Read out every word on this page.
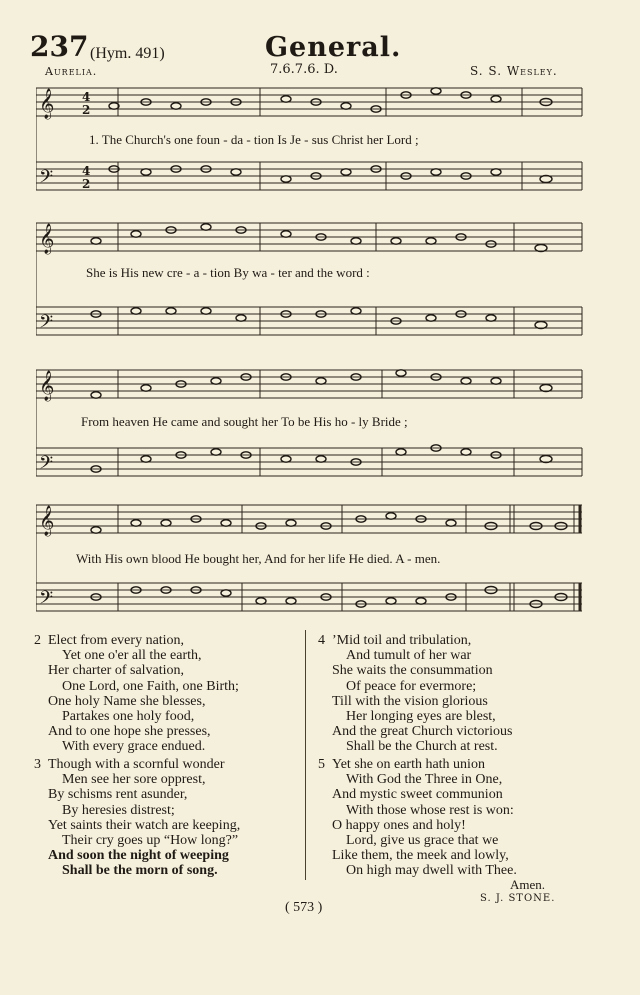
237 (Hym. 491)	General.
Aurelia.	7.6.7.6. D.	S. S. Wesley.
𝄞
𝄢
4
2
4
2
1. The Church's one foun - da - tion Is Je - sus Christ her Lord ;
𝄞
𝄢
She is His new cre - a - tion By wa - ter and the word :
𝄞
𝄢
From heaven He came and sought her To be His ho - ly Bride ;
𝄞
𝄢
With His own blood He bought her, And for her life He died. A - men.
2 Elect from every nation,
Yet one o'er all the earth,
Her charter of salvation,
One Lord, one Faith, one Birth;
One holy Name she blesses,
Partakes one holy food,
And to one hope she presses,
With every grace endued.
3 Though with a scornful wonder
Men see her sore opprest,
By schisms rent asunder,
By heresies distrest;
Yet saints their watch are keeping,
Their cry goes up “How long?”
And soon the night of weeping
Shall be the morn of song.
4 ’Mid toil and tribulation,
And tumult of her war
She waits the consummation
Of peace for evermore;
Till with the vision glorious
Her longing eyes are blest,
And the great Church victorious
Shall be the Church at rest.
5 Yet she on earth hath union
With God the Three in One,
And mystic sweet communion
With those whose rest is won:
O happy ones and holy!
Lord, give us grace that we
Like them, the meek and lowly,
On high may dwell with Thee.
Amen.
S. J. STONE.
( 573 )
